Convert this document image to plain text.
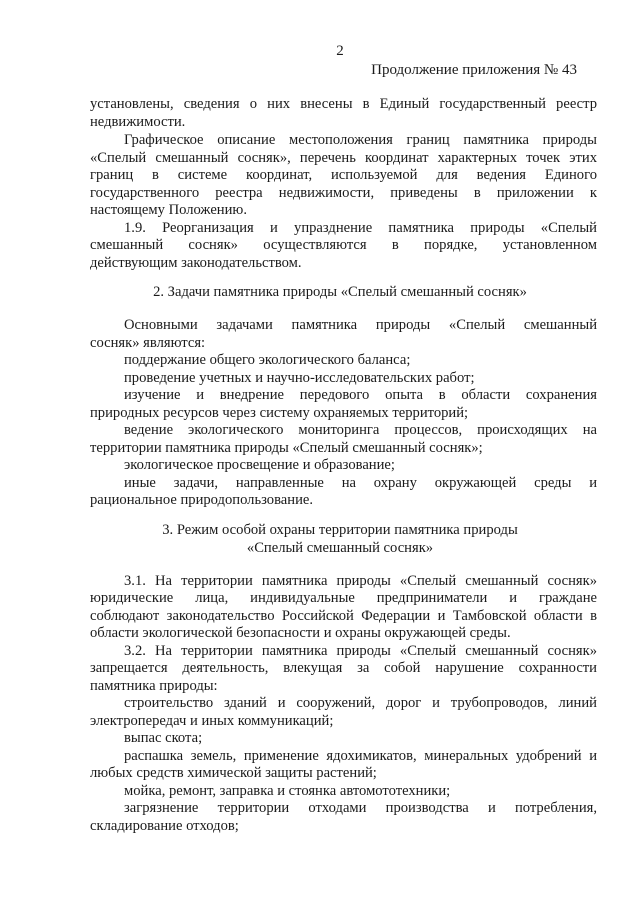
2
Продолжение приложения № 43
установлены, сведения о них внесены в Единый государственный реестр
недвижимости.
Графическое описание местоположения границ памятника природы
«Спелый смешанный сосняк», перечень координат характерных точек этих
границ в системе координат, используемой для ведения Единого
государственного реестра недвижимости, приведены в приложении к
настоящему Положению.
1.9. Реорганизация и упразднение памятника природы «Спелый
смешанный сосняк» осуществляются в порядке, установленном
действующим законодательством.
2. Задачи памятника природы «Спелый смешанный сосняк»
Основными задачами памятника природы «Спелый смешанный
сосняк» являются:
поддержание общего экологического баланса;
проведение учетных и научно-исследовательских работ;
изучение и внедрение передового опыта в области сохранения
природных ресурсов через систему охраняемых территорий;
ведение экологического мониторинга процессов, происходящих на
территории памятника природы «Спелый смешанный сосняк»;
экологическое просвещение и образование;
иные задачи, направленные на охрану окружающей среды и
рациональное природопользование.
3. Режим особой охраны территории памятника природы
«Спелый смешанный сосняк»
3.1. На территории памятника природы «Спелый смешанный сосняк»
юридические лица, индивидуальные предприниматели и граждане
соблюдают законодательство Российской Федерации и Тамбовской области в
области экологической безопасности и охраны окружающей среды.
3.2. На территории памятника природы «Спелый смешанный сосняк»
запрещается деятельность, влекущая за собой нарушение сохранности
памятника природы:
строительство зданий и сооружений, дорог и трубопроводов, линий
электропередач и иных коммуникаций;
выпас скота;
распашка земель, применение ядохимикатов, минеральных удобрений и
любых средств химической защиты растений;
мойка, ремонт, заправка и стоянка автомототехники;
загрязнение территории отходами производства и потребления,
складирование отходов;
